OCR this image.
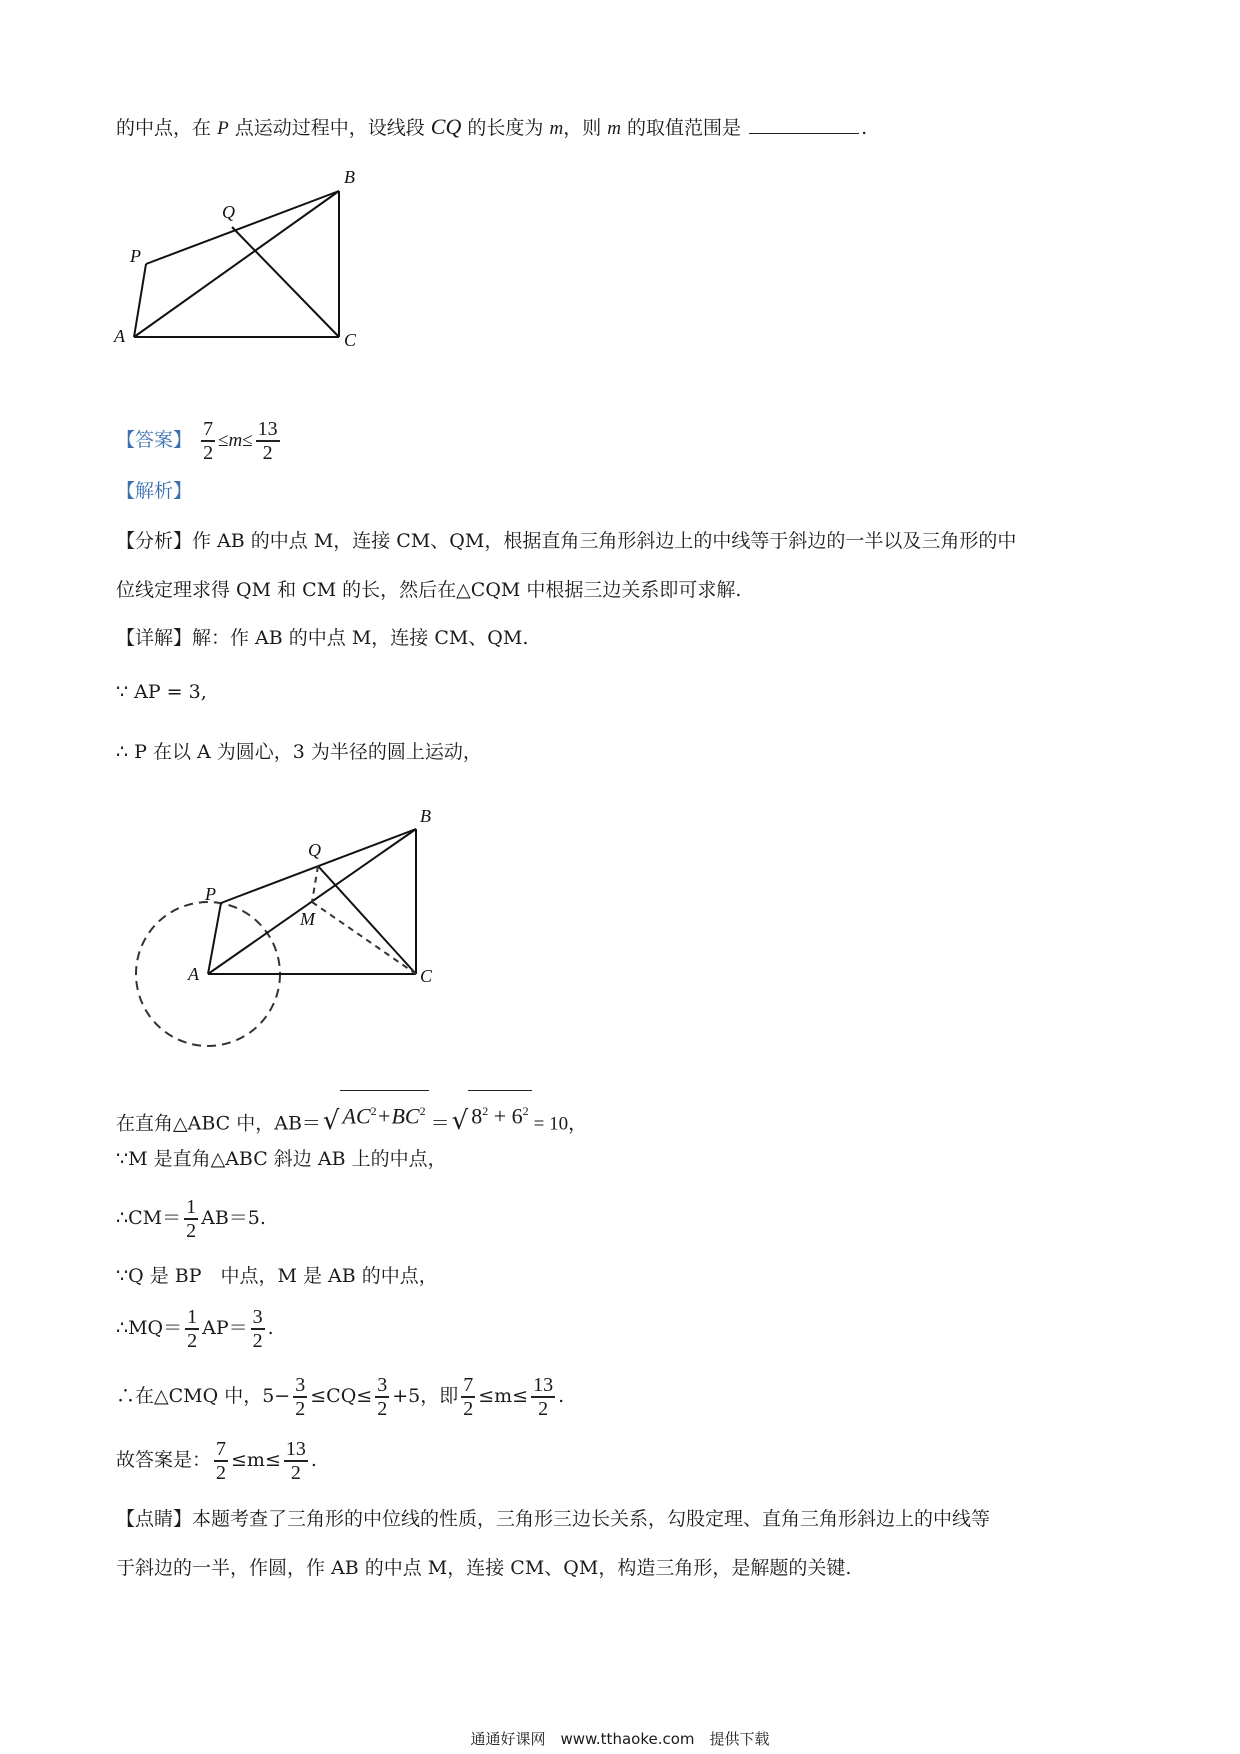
的中点，在 P 点运动过程中，设线段 CQ 的长度为 m，则 m 的取值范围是	.
A
B
C
P
Q
【答案】 $\frac{7}{2} \le m\le \frac{13}{2}$
【解析】
【分析】作 AB 的中点 M，连接 CM、QM，根据直角三角形斜边上的中线等于斜边的一半以及三角形的中
位线定理求得 QM 和 CM 的长，然后在△CQM 中根据三边关系即可求解.
【详解】解：作 AB 的中点 M，连接 CM、QM.
∵ AP = 3,
∴ P 在以 A 为圆心，3 为半径的圆上运动，
A
B
C
P
Q
M
在直角△ABC 中，AB＝ √ $AC^2+BC^2$
＝ √ $8^2 + 6^2$
= 10，
∵M 是直角△ABC 斜边 AB 上的中点，
∴CM＝ $\frac{1}{2} AB=5$.
∵Q 是 BP　中点，M 是 AB 的中点，
∴MQ＝ $\frac{1}{2} AP= \frac{3}{2}$ .
∴在△CMQ 中，$5- \frac{3}{2} \le CQ\le \frac{3}{2} +5$，即 $\frac{7}{2} \le m\le \frac{13}{2}$ .
故答案是： $\frac{7}{2} \le m\le \frac{13}{2}$ .
【点睛】本题考查了三角形的中位线的性质，三角形三边长关系，勾股定理、直角三角形斜边上的中线等
于斜边的一半，作圆，作 AB 的中点 M，连接 CM、QM，构造三角形，是解题的关键.
通通好课网　www.tthaoke.com　提供下载
